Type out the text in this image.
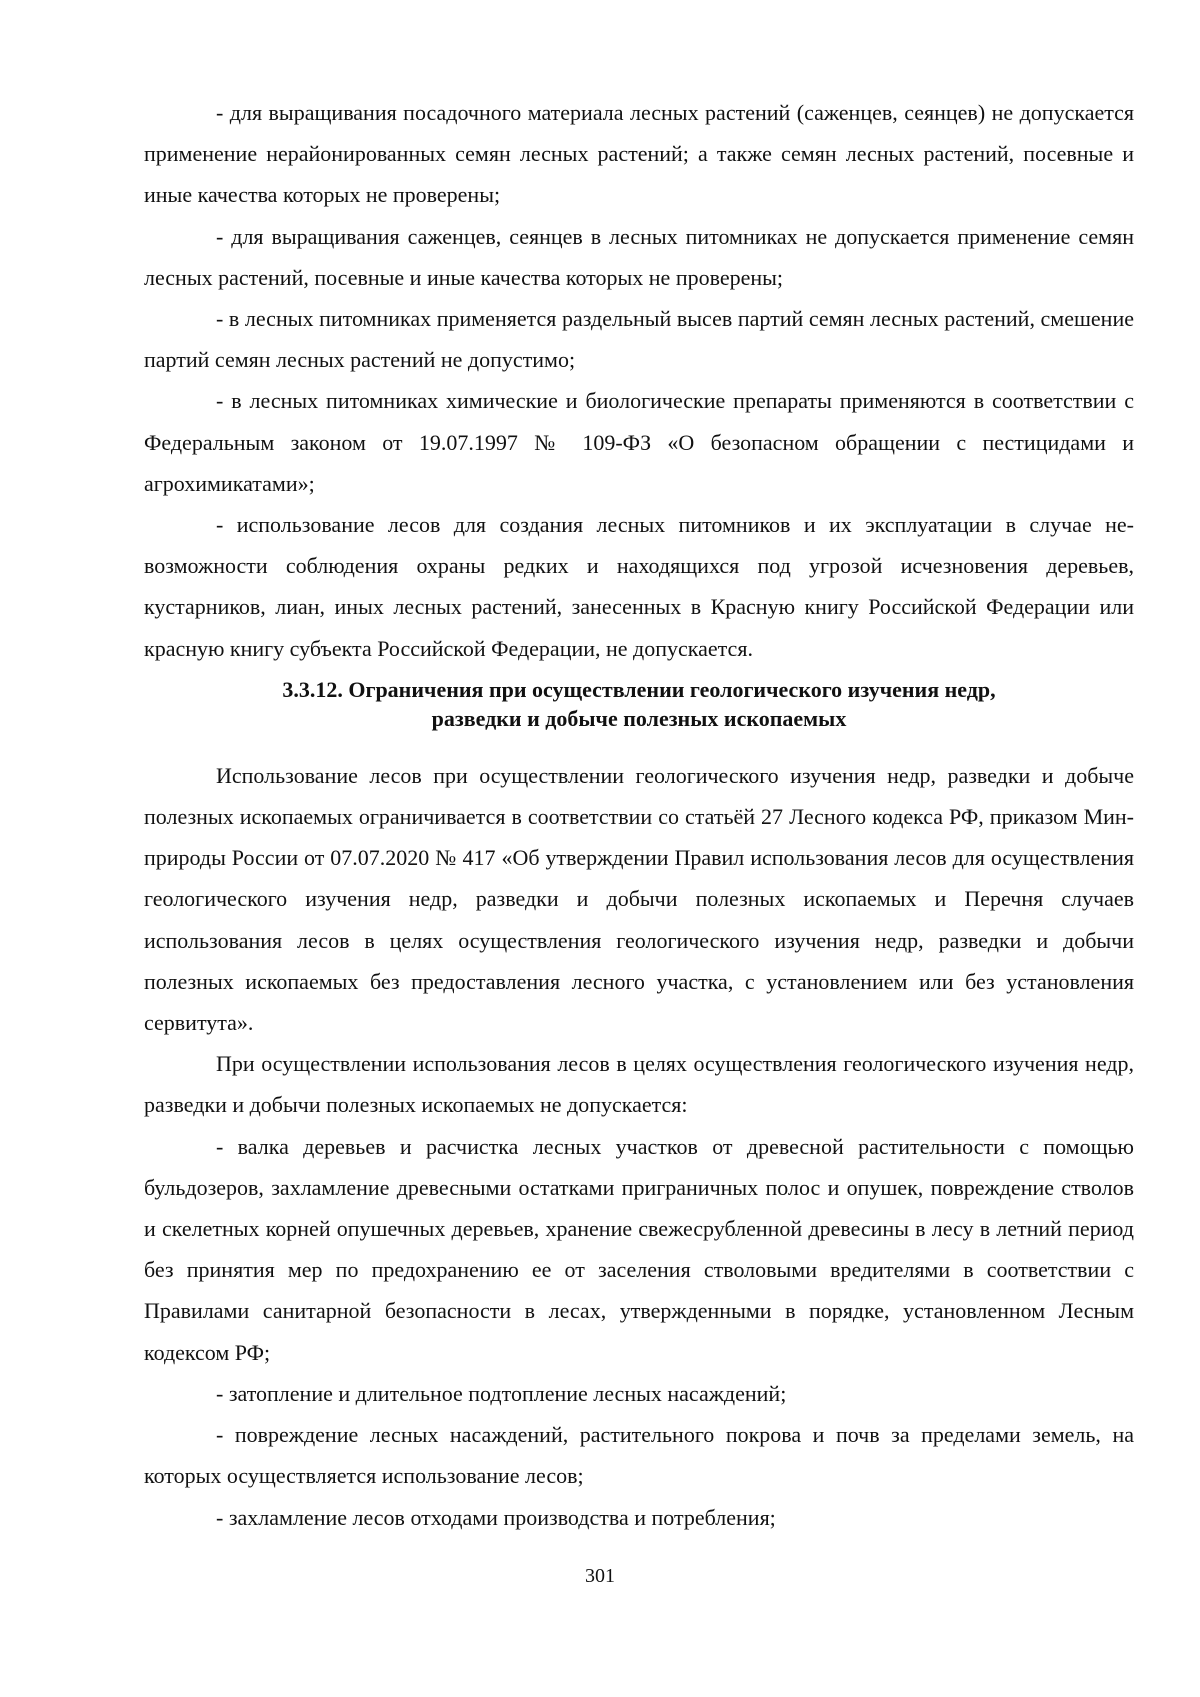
- для выращивания посадочного материала лесных растений (саженцев, сеянцев) не допускается применение нерайонированных семян лесных растений; а также семян лесных растений, посевные и иные качества которых не проверены;

- для выращивания саженцев, сеянцев в лесных питомниках не допускается применение семян лесных растений, посевные и иные качества которых не проверены;

- в лесных питомниках применяется раздельный высев партий семян лесных растений, смешение партий семян лесных растений не допустимо;

- в лесных питомниках химические и биологические препараты применяются в соответствии с Федеральным законом от 19.07.1997 № 109-ФЗ «О безопасном обращении с пестицидами и агрохимикатами»;

- использование лесов для создания лесных питомников и их эксплуатации в случае невозможности соблюдения охраны редких и находящихся под угрозой исчезновения деревьев, кустарников, лиан, иных лесных растений, занесенных в Красную книгу Российской Федерации или красную книгу субъекта Российской Федерации, не допускается.

3.3.12. Ограничения при осуществлении геологического изучения недр,
разведки и добыче полезных ископаемых

Использование лесов при осуществлении геологического изучения недр, разведки и добыче полезных ископаемых ограничивается в соответствии со статьёй 27 Лесного кодекса РФ, приказом Минприроды России от 07.07.2020 № 417 «Об утверждении Правил использования лесов для осуществления геологического изучения недр, разведки и добычи полезных ископаемых и Перечня случаев использования лесов в целях осуществления геологического изучения недр, разведки и добычи полезных ископаемых без предоставления лесного участка, с установлением или без установления сервитута».

При осуществлении использования лесов в целях осуществления геологического изучения недр, разведки и добычи полезных ископаемых не допускается:

- валка деревьев и расчистка лесных участков от древесной растительности с помощью бульдозеров, захламление древесными остатками приграничных полос и опушек, повреждение стволов и скелетных корней опушечных деревьев, хранение свежесрубленной древесины в лесу в летний период без принятия мер по предохранению ее от заселения стволовыми вредителями в соответствии с Правилами санитарной безопасности в лесах, утвержденными в порядке, установленном Лесным кодексом РФ;

- затопление и длительное подтопление лесных насаждений;

- повреждение лесных насаждений, растительного покрова и почв за пределами земель, на которых осуществляется использование лесов;

- захламление лесов отходами производства и потребления;

301
